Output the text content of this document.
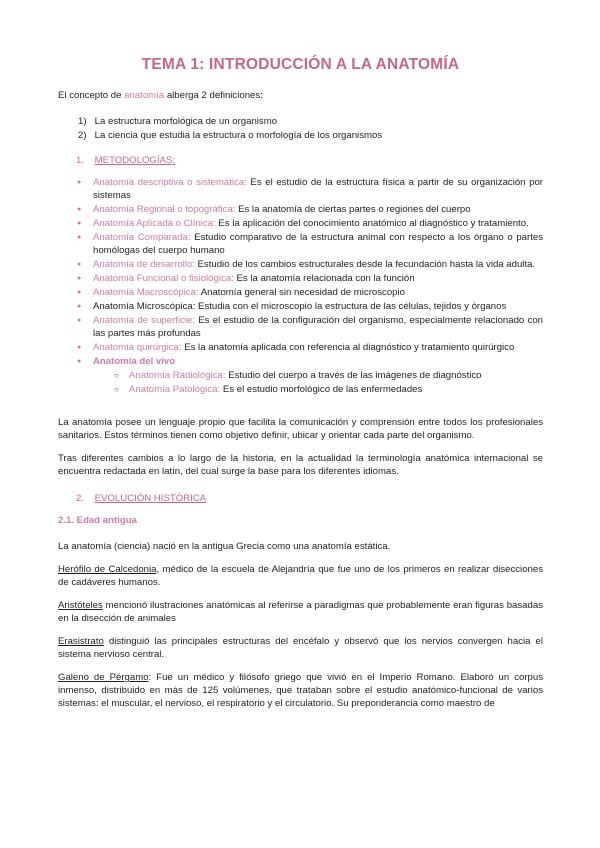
TEMA 1: INTRODUCCIÓN A LA ANATOMÍA

El concepto de anatomía alberga 2 definiciones:

1) La estructura morfológica de un organismo
2) La ciencia que estudia la estructura o morfología de los organismos
1. METODOLOGÍAS:
● Anatomía descriptiva o sistemática: Es el estudio de la estructura física a partir de su organización por sistemas
● Anatomía Regional o topográfica: Es la anatomía de ciertas partes o regiones del cuerpo
● Anatomía Aplicada o Clínica: Es la aplicación del conocimiento anatómico al diagnóstico y tratamiento.
● Anatomía Comparada: Estudio comparativo de la estructura animal con respecto a los órgano o partes homólogas del cuerpo humano
● Anatomía de desarrollo: Estudio de los cambios estructurales desde la fecundación hasta la vida adulta.
● Anatomía Funcional o fisiológica: Es la anatomía relacionada con la función
● Anatomía Macroscópica: Anatomía general sin necesidad de microscopio
● Anatomía Microscópica: Estudia con el microscopio la estructura de las células, tejidos y órganos
● Anatomía de superficie: Es el estudio de la configuración del organismo, especialmente relacionado con las partes más profundas
● Anatomía quirúrgica: Es la anatomía aplicada con referencia al diagnóstico y tratamiento quirúrgico
● Anatomía del vivo
○ Anatomía Radiológica: Estudio del cuerpo a través de las imágenes de diagnóstico
○ Anatomía Patológica: Es el estudio morfológico de las enfermedades

La anatomía posee un lenguaje propio que facilita la comunicación y comprensión entre todos los profesionales sanitarios. Estos términos tienen como objetivo definir, ubicar y orientar cada parte del organismo.

Tras diferentes cambios a lo largo de la historia, en la actualidad la terminología anatómica internacional se encuentra redactada en latín, del cual surge la base para los diferentes idiomas.

2. EVOLUCIÓN HISTÓRICA
2.1. Edad antigua

La anatomía (ciencia) nació en la antigua Grecia como una anatomía estática.

Herófilo de Calcedonia, médico de la escuela de Alejandría que fue uno de los primeros en realizar disecciones de cadáveres humanos.

Aristóteles mencionó ilustraciones anatómicas al referirse a paradigmas que probablemente eran figuras basadas en la disección de animales

Erasistrato distinguió las principales estructuras del encéfalo y observó que los nervios convergen hacia el sistema nervioso central.

Galeno de Pérgamo: Fue un médico y filósofo griego que vivió en el Imperio Romano. Elaboró un corpus inmenso, distribuido en más de 125 volúmenes, que trataban sobre el estudio anatómico-funcional de varios sistemas: el muscular, el nervioso, el respiratorio y el circulatorio. Su preponderancia como maestro de
